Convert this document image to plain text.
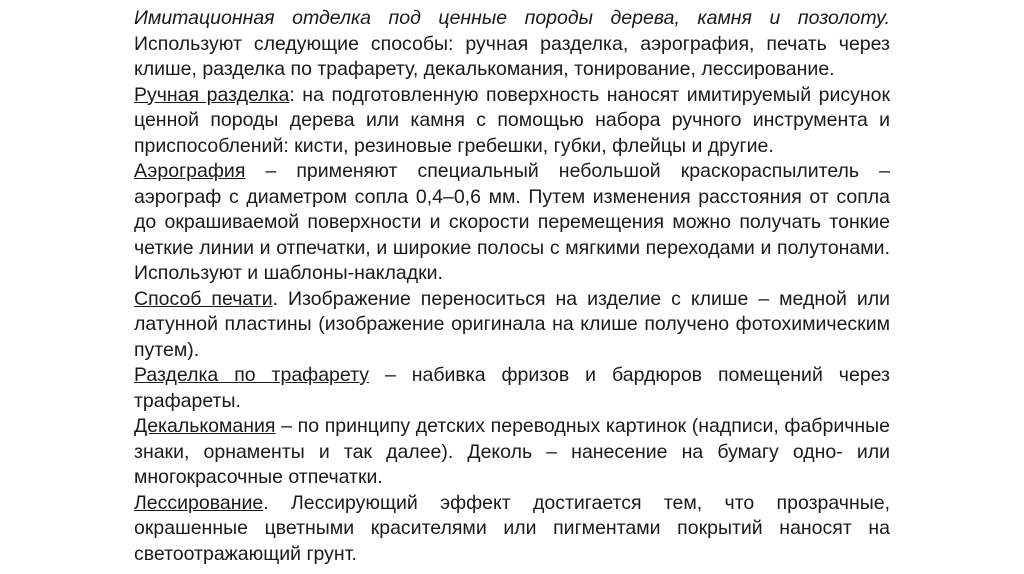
Имитационная отделка под ценные породы дерева, камня и позолоту. Используют следующие способы: ручная разделка, аэрография, печать через клише, разделка по трафарету, декалькомания, тонирование, лессирование.

Ручная разделка: на подготовленную поверхность наносят имитируемый рисунок ценной породы дерева или камня с помощью набора ручного инструмента и приспособлений: кисти, резиновые гребешки, губки, флейцы и другие.

Аэрография – применяют специальный небольшой краскораспылитель – аэрограф с диаметром сопла 0,4–0,6 мм. Путем изменения расстояния от сопла до окрашиваемой поверхности и скорости перемещения можно получать тонкие четкие линии и отпечатки, и широкие полосы с мягкими переходами и полутонами. Используют и шаблоны-накладки.

Способ печати. Изображение переноситься на изделие с клише – медной или латунной пластины (изображение оригинала на клише получено фотохимическим путем).

Разделка по трафарету – набивка фризов и бардюров помещений через трафареты.

Декалькомания – по принципу детских переводных картинок (надписи, фабричные знаки, орнаменты и так далее). Деколь – нанесение на бумагу одно- или многокрасочные отпечатки.

Лессирование. Лессирующий эффект достигается тем, что прозрачные, окрашенные цветными красителями или пигментами покрытий наносят на светоотражающий грунт.
